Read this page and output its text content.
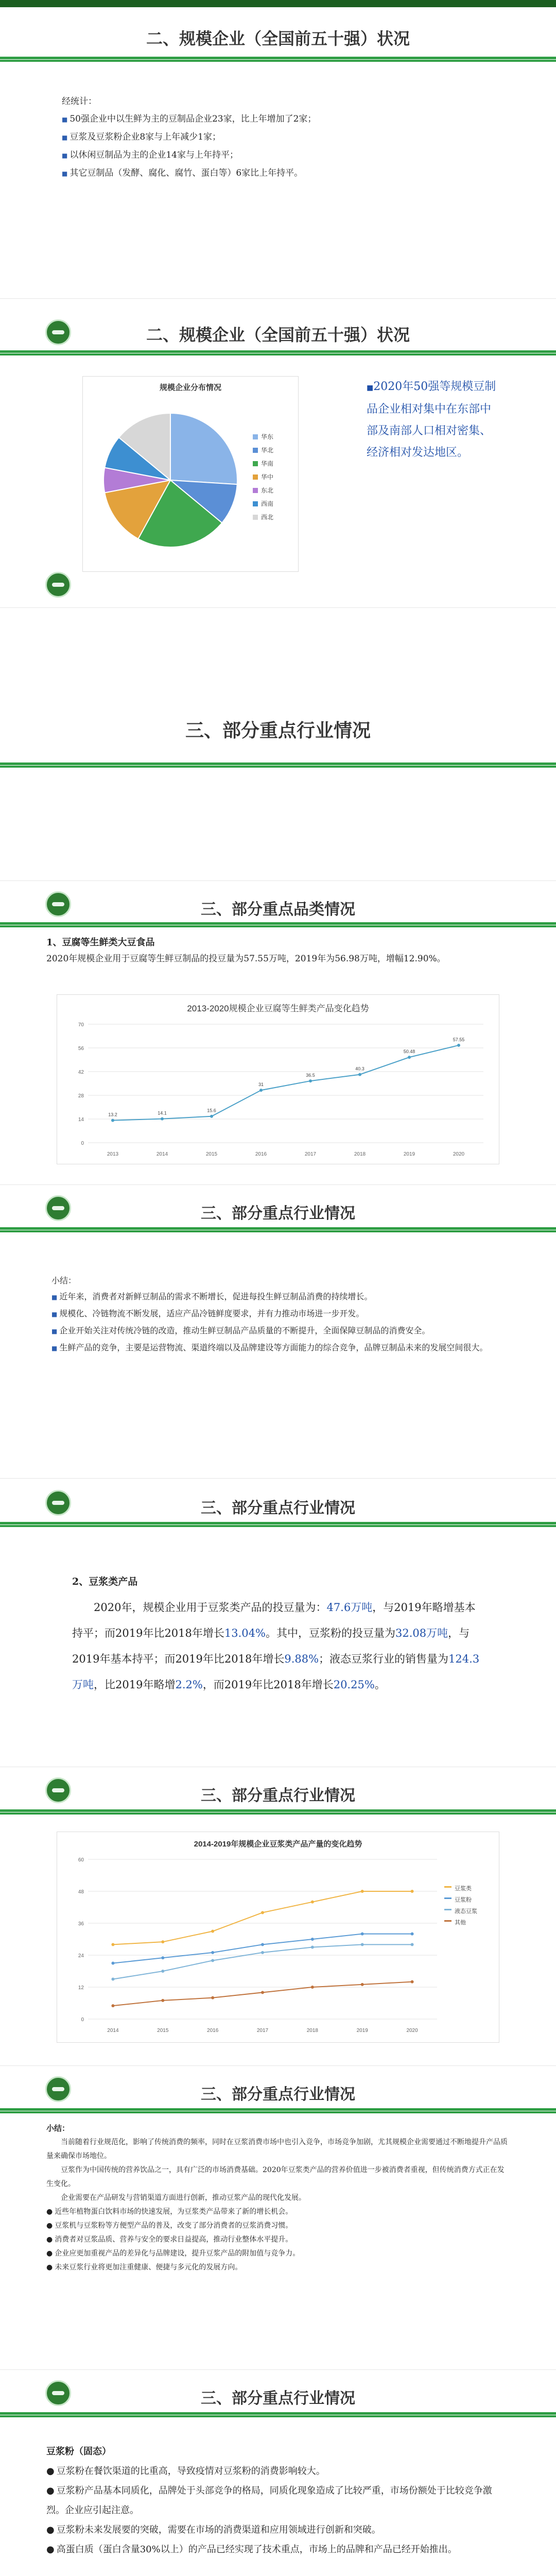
二、规模企业（全国前五十强）状况
经统计：
■ 50强企业中以生鲜为主的豆制品企业23家，比上年增加了2家；
■ 豆浆及豆浆粉企业8家与上年减少1家；
■ 以休闲豆制品为主的企业14家与上年持平；
■ 其它豆制品（发酵、腐化、腐竹、蛋白等）6家比上年持平。
二、规模企业（全国前五十强）状况
规模企业分布情况
华东
华北
华南
华中
东北
西南
西北
■2020年50强等规模豆制品企业相对集中在东部中部及南部人口相对密集、经济相对发达地区。
三、部分重点行业情况
三、部分重点品类情况
1、豆腐等生鲜类大豆食品
2020年规模企业用于豆腐等生鲜豆制品的投豆量为57.55万吨，2019年为56.98万吨，增幅12.90%。
2013-2020规模企业豆腐等生鲜类产品变化趋势
0
14
28
42
56
70
2013	2014	2015	2016	2017	2018	2019	2020
13.2	14.1	15.6
31
36.5
40.3
50.48
57.55
三、部分重点行业情况
小结：
■ 近年来，消费者对新鲜豆制品的需求不断增长，促进每投生鲜豆制品消费的持续增长。
■ 规模化、冷链物流不断发展，适应产品冷链鲜度要求，并有力推动市场进一步开发。
■ 企业开始关注对传统冷链的改造，推动生鲜豆制品产品质量的不断提升，全面保障豆制品的消费安全。
■ 生鲜产品的竞争，主要是运营物流、渠道终端以及品牌建设等方面能力的综合竞争，品牌豆制品未来的发展空间很大。
三、部分重点行业情况
2、豆浆类产品
2020年，规模企业用于豆浆类产品的投豆量为：47.6万吨，与2019年略增基本持平；而2019年比2018年增长13.04%。其中，豆浆粉的投豆量为32.08万吨，与2019年基本持平；而2019年比2018年增长9.88%；液态豆浆行业的销售量为124.3万吨，比2019年略增2.2%，而2019年比2018年增长20.25%。
三、部分重点行业情况
2014-2019年规模企业豆浆类产品产量的变化趋势
0
12
24
36
48
60
2014	2015	2016	2017	2018	2019	2020
豆浆类
豆浆粉
液态豆浆
其他
三、部分重点行业情况
小结：
当前随着行业规范化，影响了传统消费的频率，同时在豆浆消费市场中也引入竞争，市场竞争加剧，尤其规模企业需要通过不断地提升产品质量来确保市场地位。
豆浆作为中国传统的营养饮品之一，具有广泛的市场消费基础。2020年豆浆类产品的营养价值进一步被消费者重视，但传统消费方式正在发生变化。
企业需要在产品研发与营销渠道方面进行创新，推动豆浆产品的现代化发展。
● 近些年植物蛋白饮料市场的快速发展，为豆浆类产品带来了新的增长机会。
● 豆浆机与豆浆粉等方便型产品的普及，改变了部分消费者的豆浆消费习惯。
● 消费者对豆浆品质、营养与安全的要求日益提高，推动行业整体水平提升。
● 企业应更加重视产品的差异化与品牌建设，提升豆浆产品的附加值与竞争力。
● 未来豆浆行业将更加注重健康、便捷与多元化的发展方向。
三、部分重点行业情况
豆浆粉（固态）
● 豆浆粉在餐饮渠道的比重高，导致疫情对豆浆粉的消费影响较大。
● 豆浆粉产品基本同质化，品牌处于头部竞争的格局，同质化现象造成了比较严重，市场份额处于比较竞争激烈。企业应引起注意。
● 豆浆粉未来发展要的突破，需要在市场的消费渠道和应用领域进行创新和突破。
● 高蛋白质（蛋白含量30%以上）的产品已经实现了技术重点，市场上的品牌和产品已经开始推出。
